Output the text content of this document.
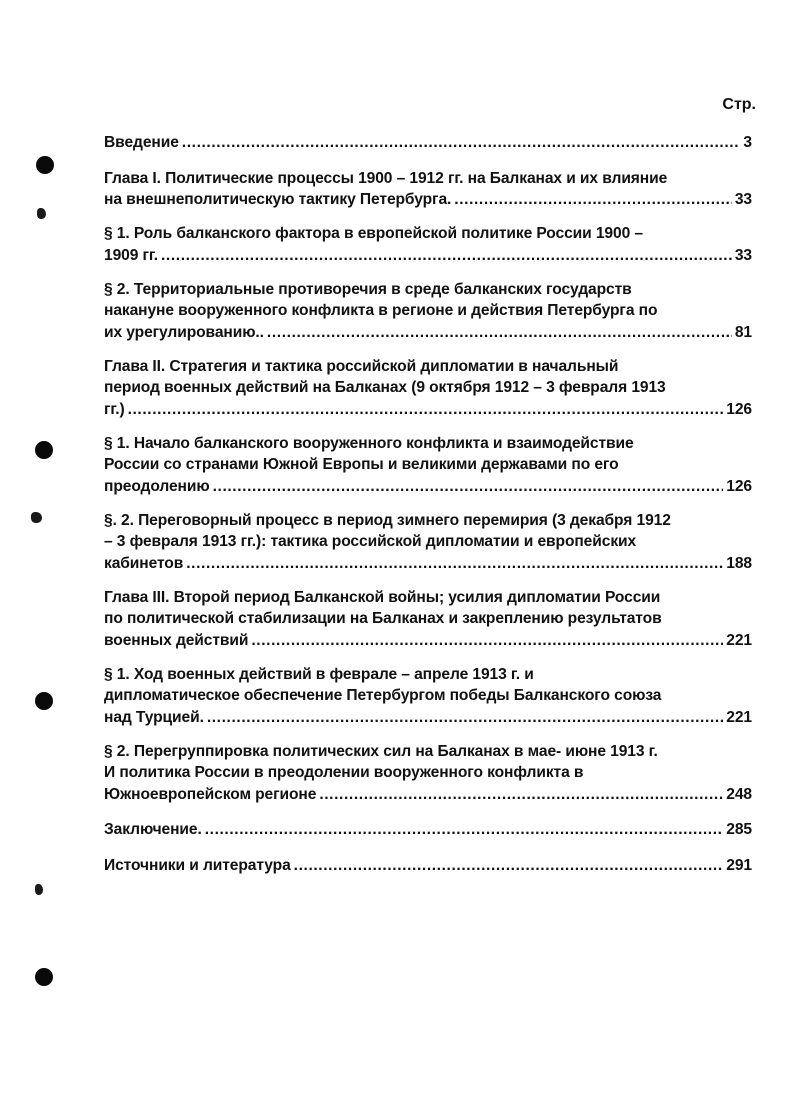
Стр.
Введение .....	3
Глава I. Политические процессы 1900 – 1912 гг. на Балканах и их влияние
на внешнеполитическую тактику Петербурга. .....	33
§ 1. Роль балканского фактора в европейской политике России 1900 –
1909 гг. .....	33
§ 2. Территориальные противоречия в среде балканских государств
накануне вооруженного конфликта в регионе и действия Петербурга по
их урегулированию.. .....	81
Глава II. Стратегия и тактика российской дипломатии в начальный
период военных действий на Балканах (9 октября 1912 – 3 февраля 1913
гг.) .....	126
§ 1. Начало балканского вооруженного конфликта и взаимодействие
России со странами Южной Европы и великими державами по его
преодолению .....	126
§. 2. Переговорный процесс в период зимнего перемирия (3 декабря 1912
– 3 февраля 1913 гг.): тактика российской дипломатии и европейских
кабинетов .....	188
Глава III. Второй период Балканской войны; усилия дипломатии России
по политической стабилизации на Балканах и закреплению результатов
военных действий .....	221
§ 1. Ход военных действий в феврале – апреле 1913 г. и
дипломатическое обеспечение Петербургом победы Балканского союза
над Турцией. .....	221
§ 2. Перегруппировка политических сил на Балканах в мае- июне 1913 г.
И политика России в преодолении вооруженного конфликта в
Южноевропейском регионе .....	248
Заключение. .....	285
Источники и литература .....	291
